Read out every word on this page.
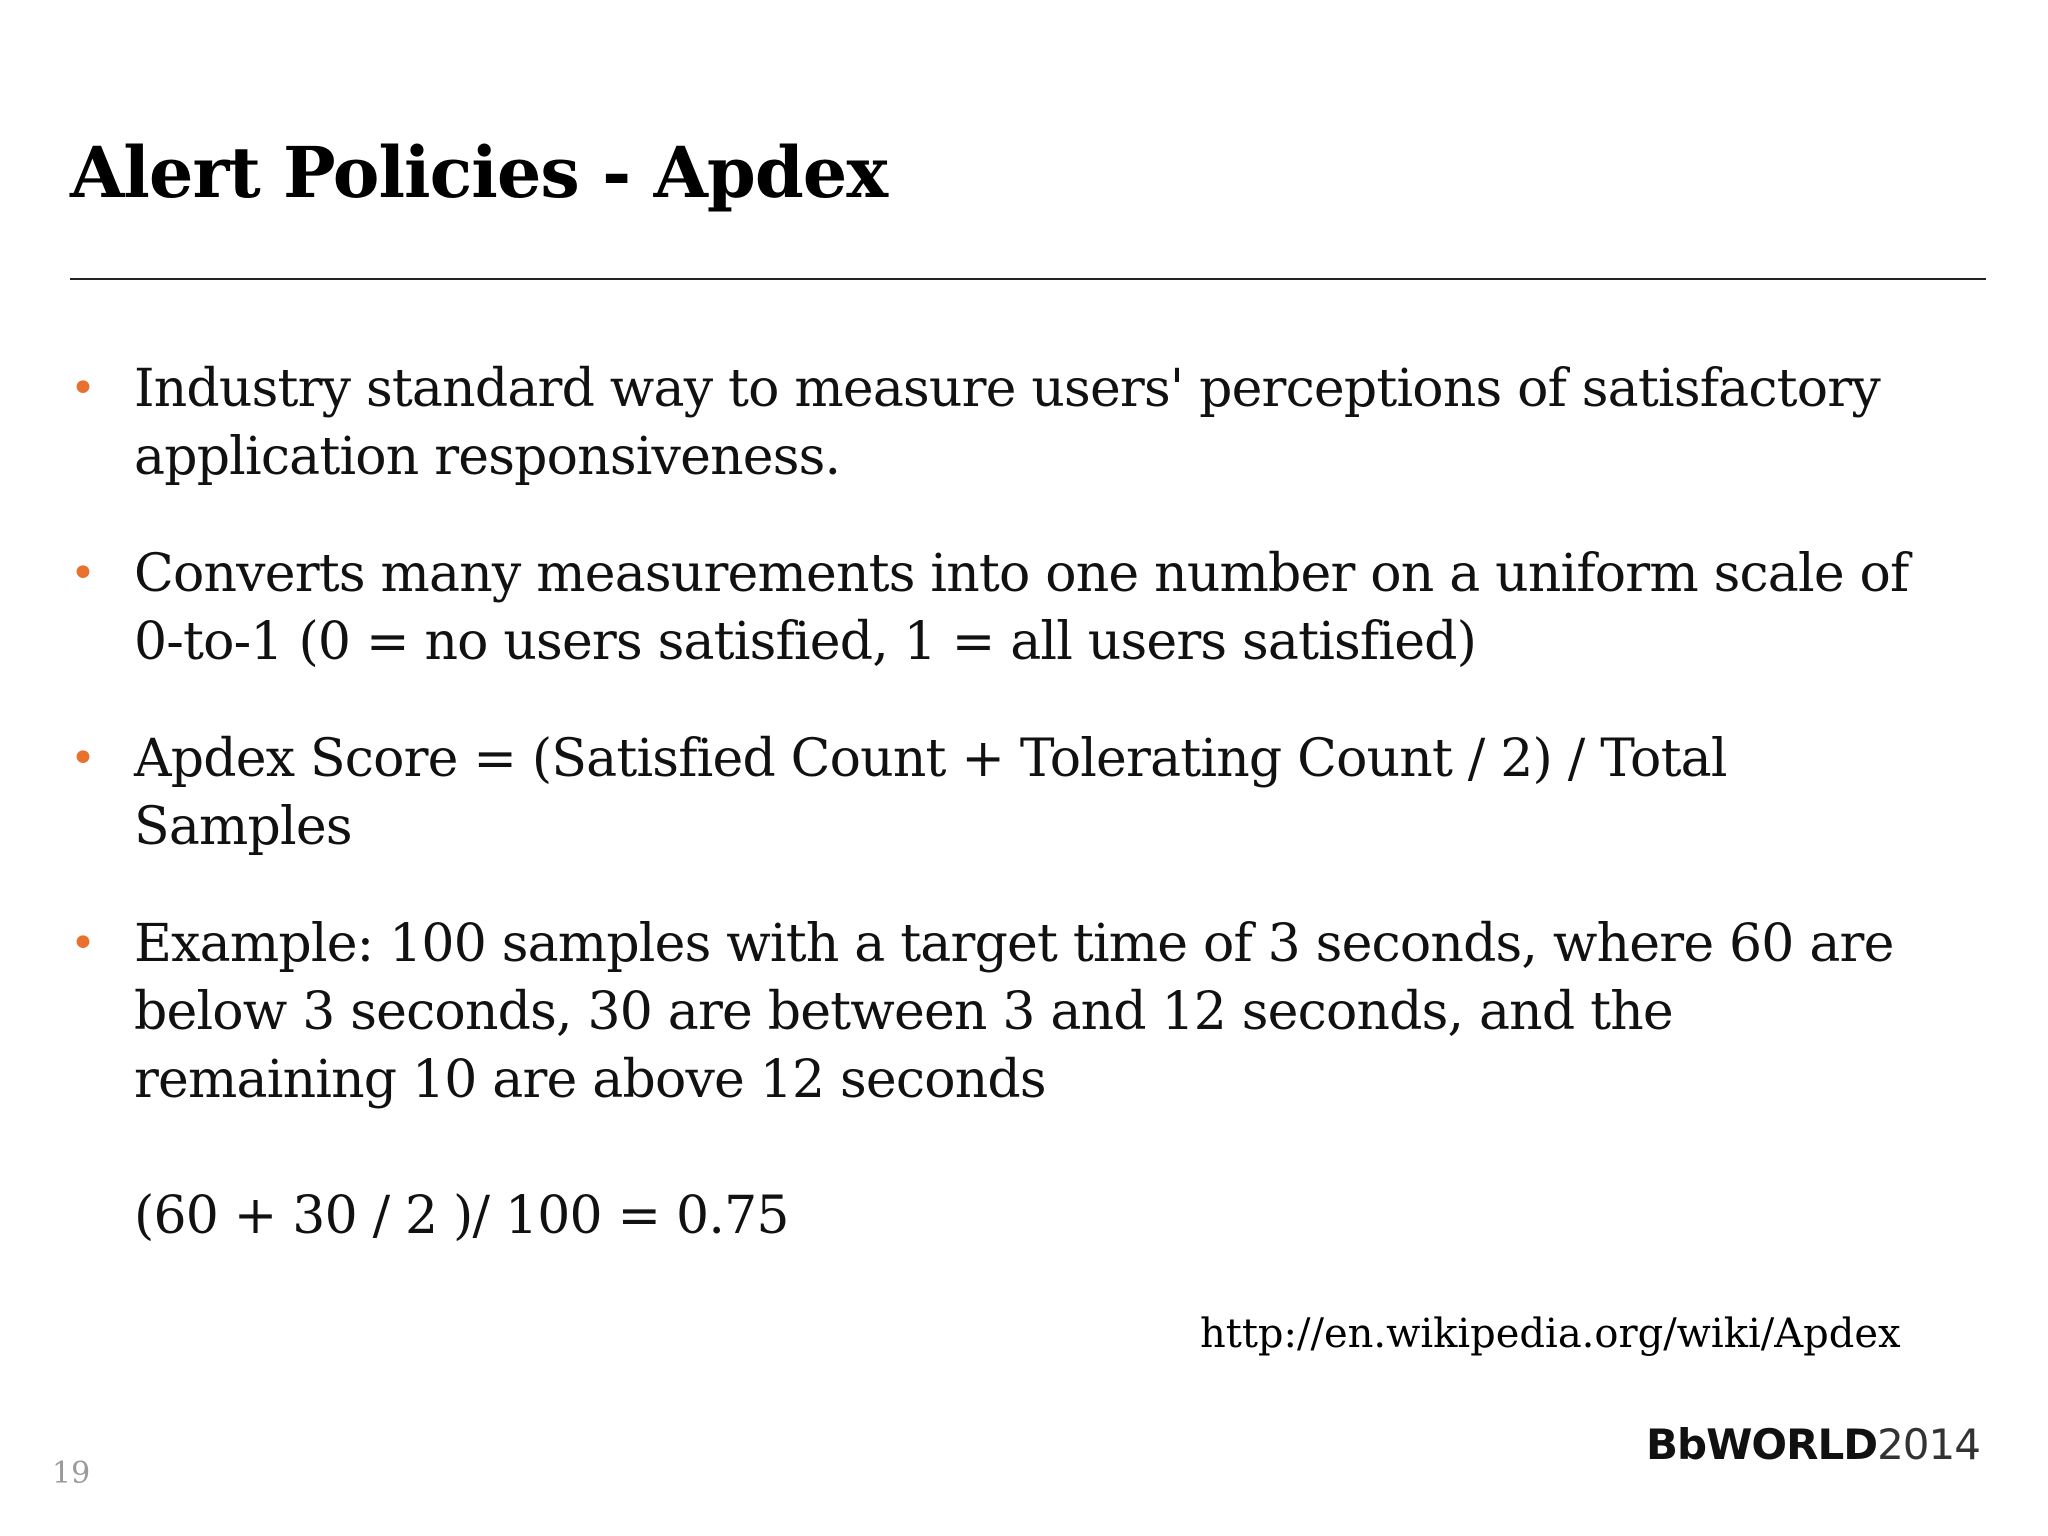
Alert Policies - Apdex
• Industry standard way to measure users' perceptions of satisfactory
application responsiveness.
• Converts many measurements into one number on a uniform scale of
0-to-1 (0 = no users satisfied, 1 = all users satisfied)
• Apdex Score = (Satisfied Count + Tolerating Count / 2) / Total
Samples
• Example: 100 samples with a target time of 3 seconds, where 60 are
below 3 seconds, 30 are between 3 and 12 seconds, and the
remaining 10 are above 12 seconds
(60 + 30 / 2 )/ 100 = 0.75
http://en.wikipedia.org/wiki/Apdex
19
BbWORLD2014
